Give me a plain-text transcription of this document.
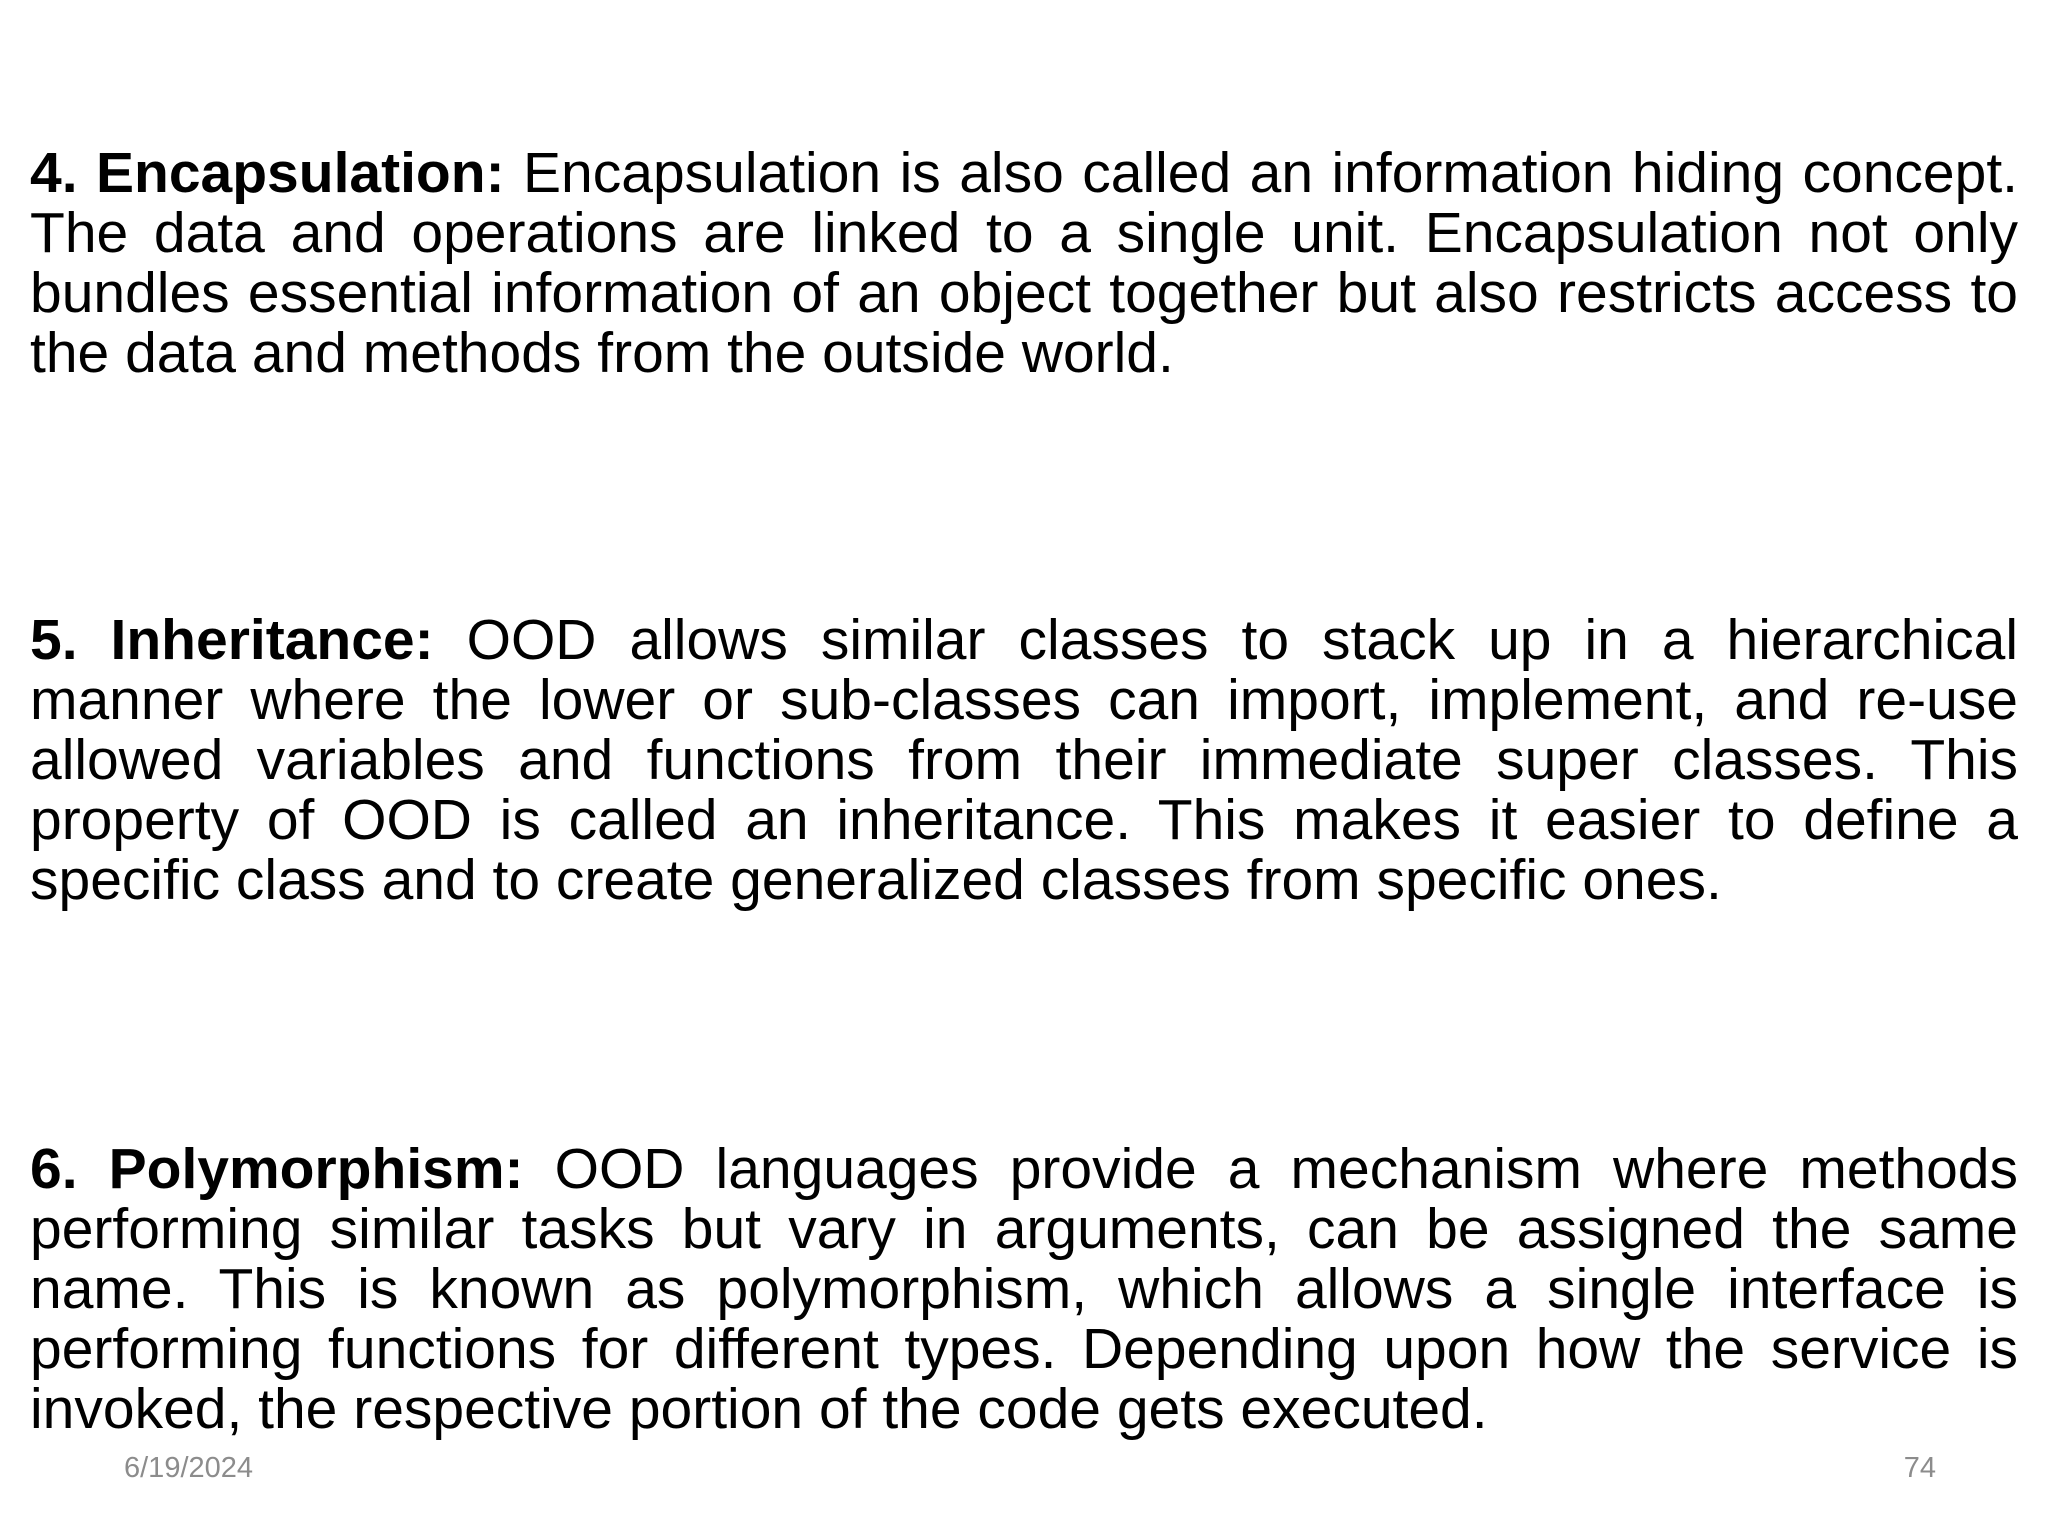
4. Encapsulation: Encapsulation is also called an information hiding concept. The data and operations are linked to a single unit. Encapsulation not only bundles essential information of an object together but also restricts access to the data and methods from the outside world.

5. Inheritance: OOD allows similar classes to stack up in a hierarchical manner where the lower or sub-classes can import, implement, and re-use allowed variables and functions from their immediate super classes. This property of OOD is called an inheritance. This makes it easier to define a specific class and to create generalized classes from specific ones.

6. Polymorphism: OOD languages provide a mechanism where methods performing similar tasks but vary in arguments, can be assigned the same name. This is known as polymorphism, which allows a single interface is performing functions for different types. Depending upon how the service is invoked, the respective portion of the code gets executed.

6/19/2024	74
